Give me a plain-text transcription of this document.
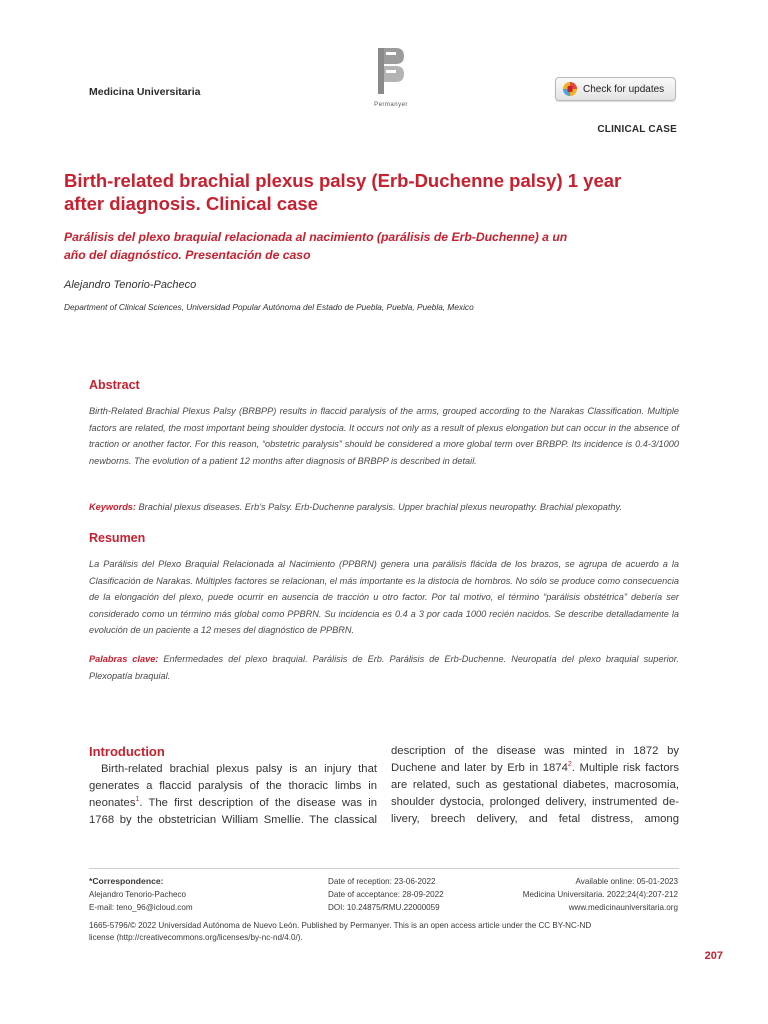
Medicina Universitaria
Permanyer
Check for updates
CLINICAL CASE
Birth-related brachial plexus palsy (Erb-Duchenne palsy) 1 year
after diagnosis. Clinical case
Parálisis del plexo braquial relacionada al nacimiento (parálisis de Erb-Duchenne) a un
año del diagnóstico. Presentación de caso
Alejandro Tenorio-Pacheco
Department of Clinical Sciences, Universidad Popular Autónoma del Estado de Puebla, Puebla, Puebla, Mexico
Abstract
Birth-Related Brachial Plexus Palsy (BRBPP) results in flaccid paralysis of the arms, grouped according to the Narakas Classification. Multiple factors are related, the most important being shoulder dystocia. It occurs not only as a result of plexus elongation but can occur in the absence of traction or another factor. For this reason, “obstetric paralysis” should be considered a more global term over BRBPP. Its incidence is 0.4-3/1000 newborns. The evolution of a patient 12 months after diagnosis of BRBPP is described in detail.
Keywords: Brachial plexus diseases. Erb’s Palsy. Erb-Duchenne paralysis. Upper brachial plexus neuropathy. Brachial plexopathy.
Resumen
La Parálisis del Plexo Braquial Relacionada al Nacimiento (PPBRN) genera una parálisis flácida de los brazos, se agrupa de acuerdo a la Clasificación de Narakas. Múltiples factores se relacionan, el más importante es la distocia de hombros. No sólo se produce como consecuencia de la elongación del plexo, puede ocurrir en ausencia de tracción u otro factor. Por tal motivo, el término “parálisis obstétrica” debería ser considerado como un término más global como PPBRN. Su incidencia es 0.4 a 3 por cada 1000 recién nacidos. Se describe detalladamente la evolución de un paciente a 12 meses del diagnóstico de PPBRN.
Palabras clave: Enfermedades del plexo braquial. Parálisis de Erb. Parálisis de Erb-Duchenne. Neuropatía del plexo braquial superior. Plexopatía braquial.
Introduction
Birth-related brachial plexus palsy is an injury that
generates a flaccid paralysis of the thoracic limbs in
neonates$^1$. The first description of the disease was in
1768 by the obstetrician William Smellie. The classical
description of the disease was minted in 1872 by
Duchene and later by Erb in 1874$^2$. Multiple risk factors
are related, such as gestational diabetes, macrosomia,
shoulder dystocia, prolonged delivery, instrumented de-
livery, breech delivery, and fetal distress, among
*Correspondence:
Alejandro Tenorio-Pacheco
E-mail: teno_96@icloud.com
Date of reception: 23-06-2022
Date of acceptance: 28-09-2022
DOI: 10.24875/RMU.22000059
Available online: 05-01-2023
Medicina Universitaria. 2022;24(4):207-212
www.medicinauniversitaria.org
1665-5796/© 2022 Universidad Autónoma de Nuevo León. Published by Permanyer. This is an open access article under the CC BY-NC-ND
license (http://creativecommons.org/licenses/by-nc-nd/4.0/).
207
